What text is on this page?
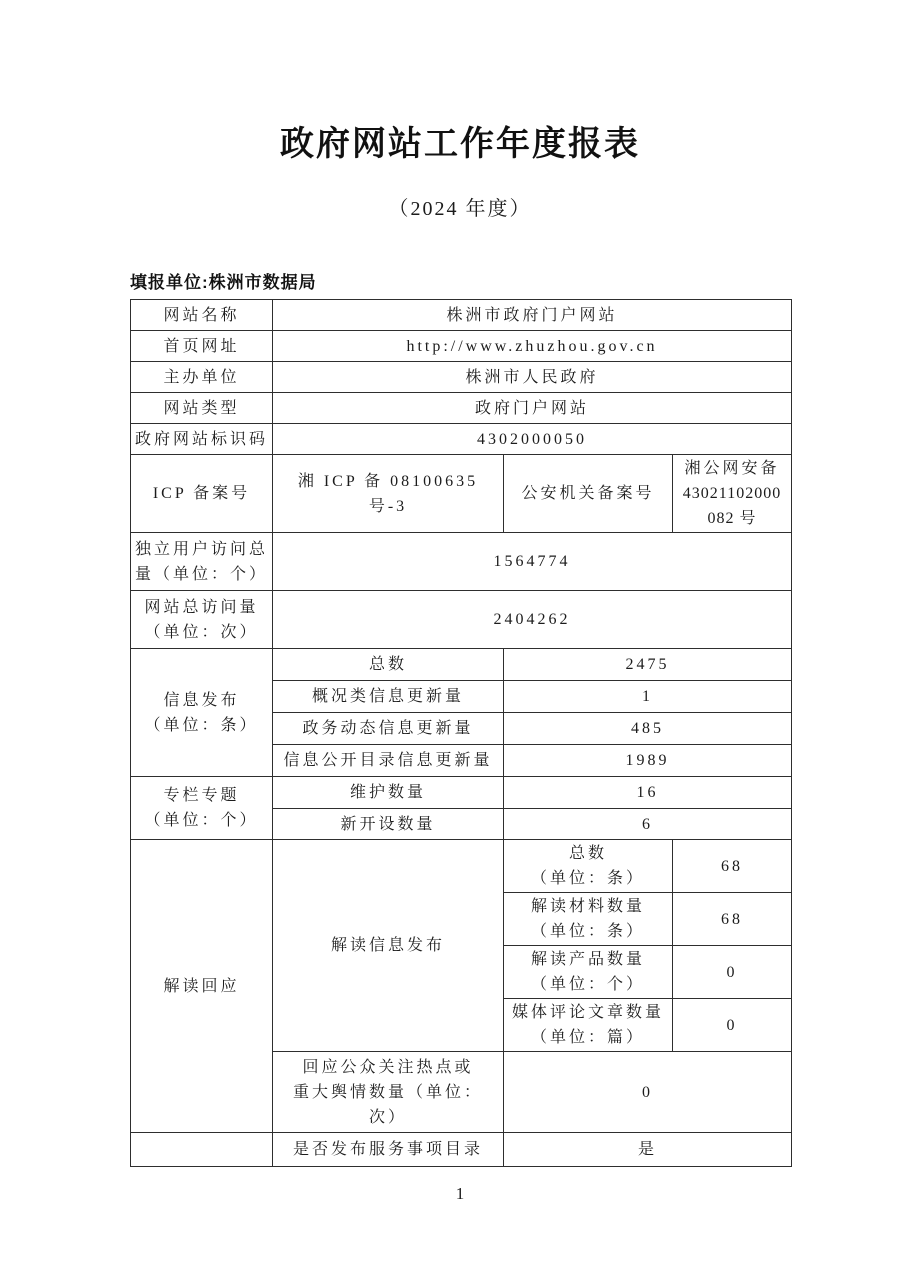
政府网站工作年度报表
（2024 年度）
填报单位:株洲市数据局
网站名称	株洲市政府门户网站		
首页网址	http://www.zhuzhou.gov.cn		
主办单位	株洲市人民政府		
网站类型	政府门户网站		
政府网站标识码	4302000050		
ICP 备案号	湘 ICP 备 08100635 号-3	公安机关备案号	湘公网安备
43021102000
082 号

独立用户访问总
量（单位：个）	1564774		

网站总访问量
（单位：次）	2404262		

信息发布
（单位：条）	总数	2475	
	概况类信息更新量	1	
	政务动态信息更新量	485	
	信息公开目录信息更新量	1989	

专栏专题
（单位：个）	维护数量	16	
	新开设数量	6	
解读回应	解读信息发布	总数
（单位：条）	68

		解读材料数量
（单位：条）	68

		解读产品数量
（单位：个）	0

		媒体评论文章数量
（单位：篇）	0

	回应公众关注热点或
重大舆情数量（单位：
次）	0	
	是否发布服务事项目录	是	
1
